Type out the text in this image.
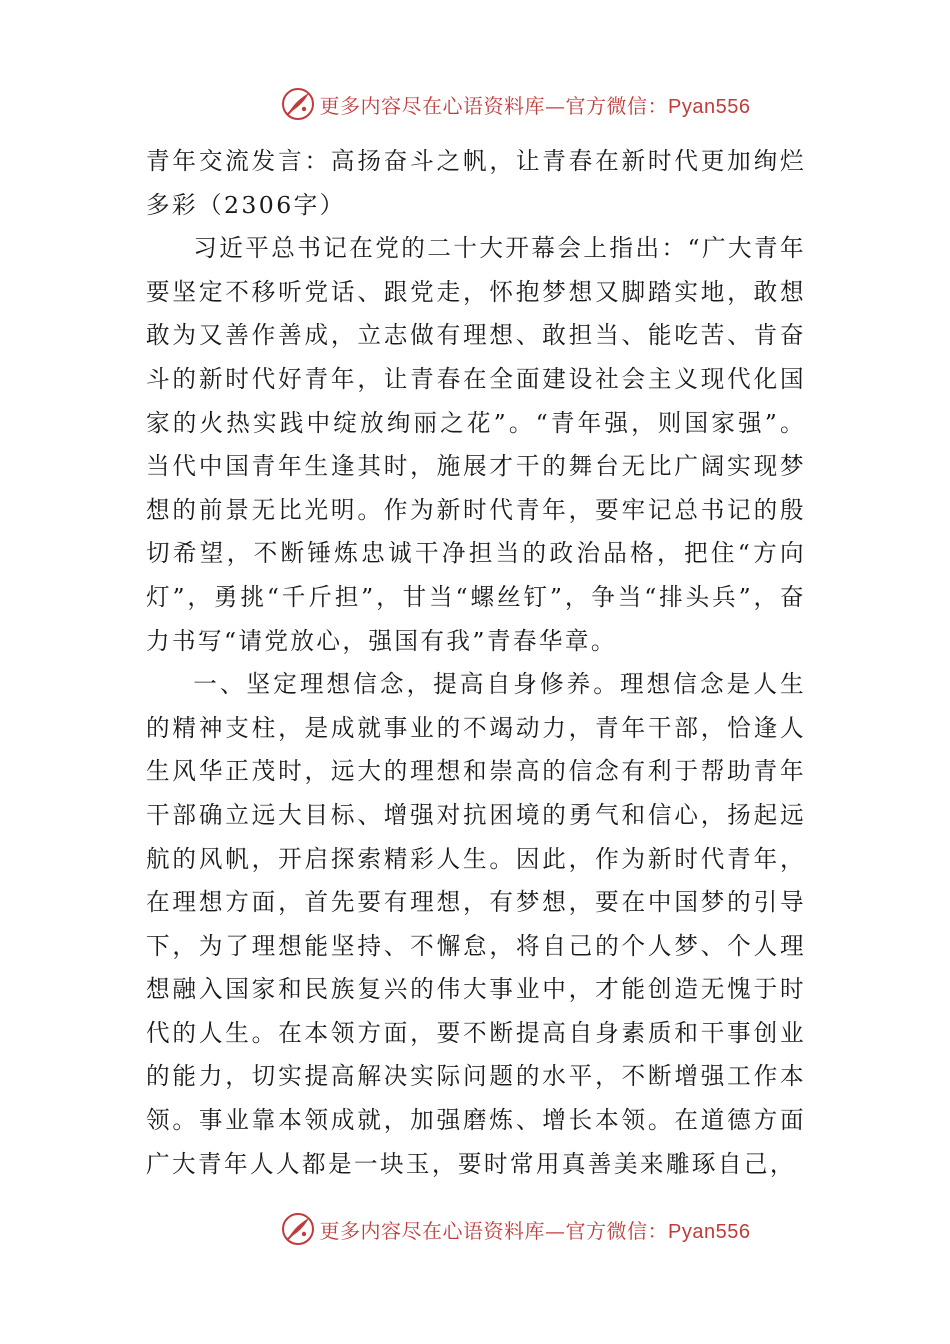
更多内容尽在心语资料库—官方微信：Pyan556

青年交流发言：高扬奋斗之帆，让青春在新时代更加绚烂多彩（2306字）

习近平总书记在党的二十大开幕会上指出：“广大青年要坚定不移听党话、跟党走，怀抱梦想又脚踏实地，敢想敢为又善作善成，立志做有理想、敢担当、能吃苦、肯奋斗的新时代好青年，让青春在全面建设社会主义现代化国家的火热实践中绽放绚丽之花”。“青年强，则国家强”。当代中国青年生逢其时，施展才干的舞台无比广阔实现梦想的前景无比光明。作为新时代青年，要牢记总书记的殷切希望，不断锤炼忠诚干净担当的政治品格，把住“方向灯”，勇挑“千斤担”，甘当“螺丝钉”，争当“排头兵”，奋力书写“请党放心，强国有我”青春华章。

一、坚定理想信念，提高自身修养。理想信念是人生的精神支柱，是成就事业的不竭动力，青年干部，恰逢人生风华正茂时，远大的理想和崇高的信念有利于帮助青年干部确立远大目标、增强对抗困境的勇气和信心，扬起远航的风帆，开启探索精彩人生。因此，作为新时代青年，在理想方面，首先要有理想，有梦想，要在中国梦的引导下，为了理想能坚持、不懈怠，将自己的个人梦、个人理想融入国家和民族复兴的伟大事业中，才能创造无愧于时代的人生。在本领方面，要不断提高自身素质和干事创业的能力，切实提高解决实际问题的水平，不断增强工作本领。事业靠本领成就，加强磨炼、增长本领。在道德方面广大青年人人都是一块玉，要时常用真善美来雕琢自己，

更多内容尽在心语资料库—官方微信：Pyan556
